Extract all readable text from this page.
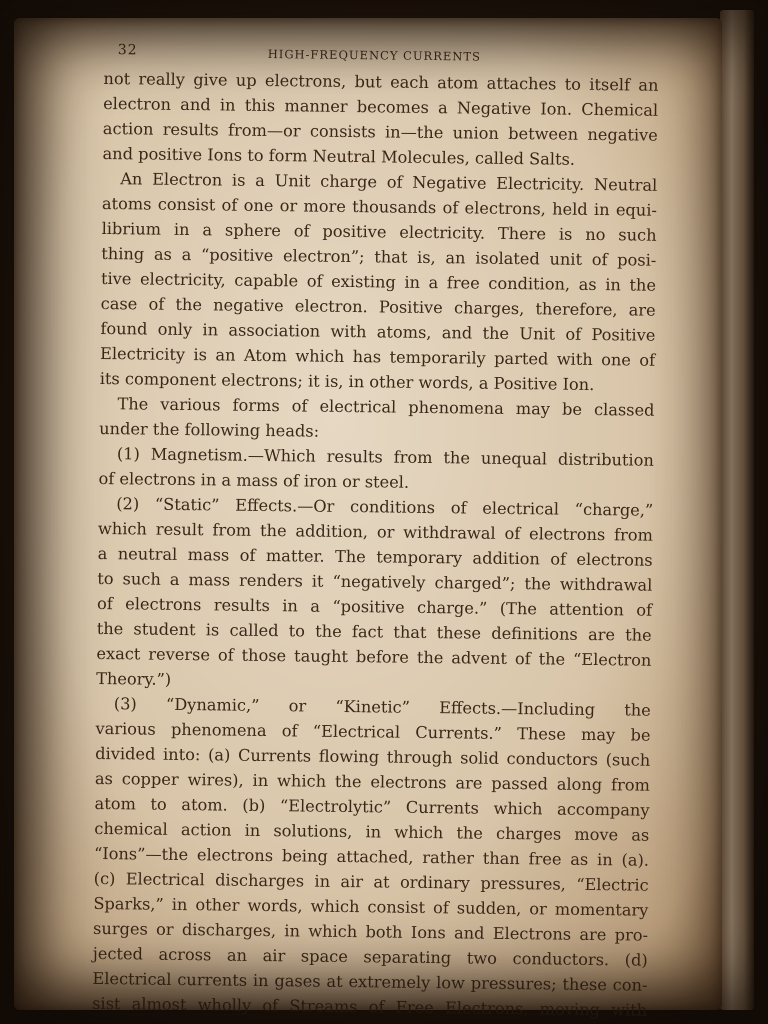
32	HIGH-FREQUENCY CURRENTS
not really give up electrons, but each atom attaches to itself an
electron and in this manner becomes a Negative Ion. Chemical
action results from—or consists in—the union between negative
and positive Ions to form Neutral Molecules, called Salts.
An Electron is a Unit charge of Negative Electricity. Neutral
atoms consist of one or more thousands of electrons, held in equi-
librium in a sphere of positive electricity. There is no such
thing as a “positive electron”; that is, an isolated unit of posi-
tive electricity, capable of existing in a free condition, as in the
case of the negative electron. Positive charges, therefore, are
found only in association with atoms, and the Unit of Positive
Electricity is an Atom which has temporarily parted with one of
its component electrons; it is, in other words, a Positive Ion.
The various forms of electrical phenomena may be classed
under the following heads:
(1) Magnetism.—Which results from the unequal distribution
of electrons in a mass of iron or steel.
(2) “Static” Effects.—Or conditions of electrical “charge,”
which result from the addition, or withdrawal of electrons from
a neutral mass of matter. The temporary addition of electrons
to such a mass renders it “negatively charged”; the withdrawal
of electrons results in a “positive charge.” (The attention of
the student is called to the fact that these definitions are the
exact reverse of those taught before the advent of the “Electron
Theory.”)
(3) “Dynamic,” or “Kinetic” Effects.—Including the
various phenomena of “Electrical Currents.” These may be
divided into: (a) Currents flowing through solid conductors (such
as copper wires), in which the electrons are passed along from
atom to atom. (b) “Electrolytic” Currents which accompany
chemical action in solutions, in which the charges move as
“Ions”—the electrons being attached, rather than free as in (a).
(c) Electrical discharges in air at ordinary pressures, “Electric
Sparks,” in other words, which consist of sudden, or momentary
surges or discharges, in which both Ions and Electrons are pro-
jected across an air space separating two conductors. (d)
Electrical currents in gases at extremely low pressures; these con-
sist almost wholly of Streams of Free Electrons, moving with
